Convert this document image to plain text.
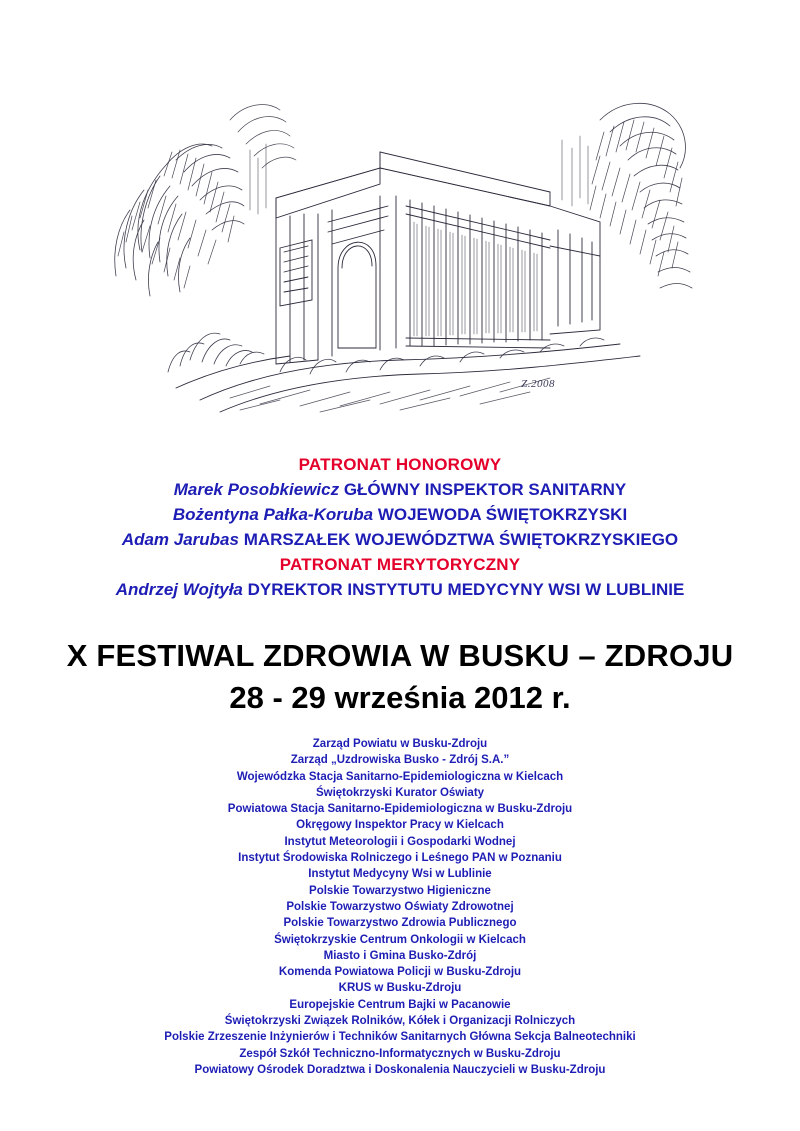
Z.2008
PATRONAT HONOROWY
Marek Posobkiewicz GŁÓWNY INSPEKTOR SANITARNY
Bożentyna Pałka-Koruba WOJEWODA ŚWIĘTOKRZYSKI
Adam Jarubas MARSZAŁEK WOJEWÓDZTWA ŚWIĘTOKRZYSKIEGO
PATRONAT MERYTORYCZNY
Andrzej Wojtyła DYREKTOR INSTYTUTU MEDYCYNY WSI W LUBLINIE
X FESTIWAL ZDROWIA W BUSKU – ZDROJU
28 - 29 września 2012 r.
Zarząd Powiatu w Busku-Zdroju
Zarząd „Uzdrowiska Busko - Zdrój S.A.”
Wojewódzka Stacja Sanitarno-Epidemiologiczna w Kielcach
Świętokrzyski Kurator Oświaty
Powiatowa Stacja Sanitarno-Epidemiologiczna w Busku-Zdroju
Okręgowy Inspektor Pracy w Kielcach
Instytut Meteorologii i Gospodarki Wodnej
Instytut Środowiska Rolniczego i Leśnego PAN w Poznaniu
Instytut Medycyny Wsi w Lublinie
Polskie Towarzystwo Higieniczne
Polskie Towarzystwo Oświaty Zdrowotnej
Polskie Towarzystwo Zdrowia Publicznego
Świętokrzyskie Centrum Onkologii w Kielcach
Miasto i Gmina Busko-Zdrój
Komenda Powiatowa Policji w Busku-Zdroju
KRUS w Busku-Zdroju
Europejskie Centrum Bajki w Pacanowie
Świętokrzyski Związek Rolników, Kółek i Organizacji Rolniczych
Polskie Zrzeszenie Inżynierów i Techników Sanitarnych Główna Sekcja Balneotechniki
Zespół Szkół Techniczno-Informatycznych w Busku-Zdroju
Powiatowy Ośrodek Doradztwa i Doskonalenia Nauczycieli w Busku-Zdroju
